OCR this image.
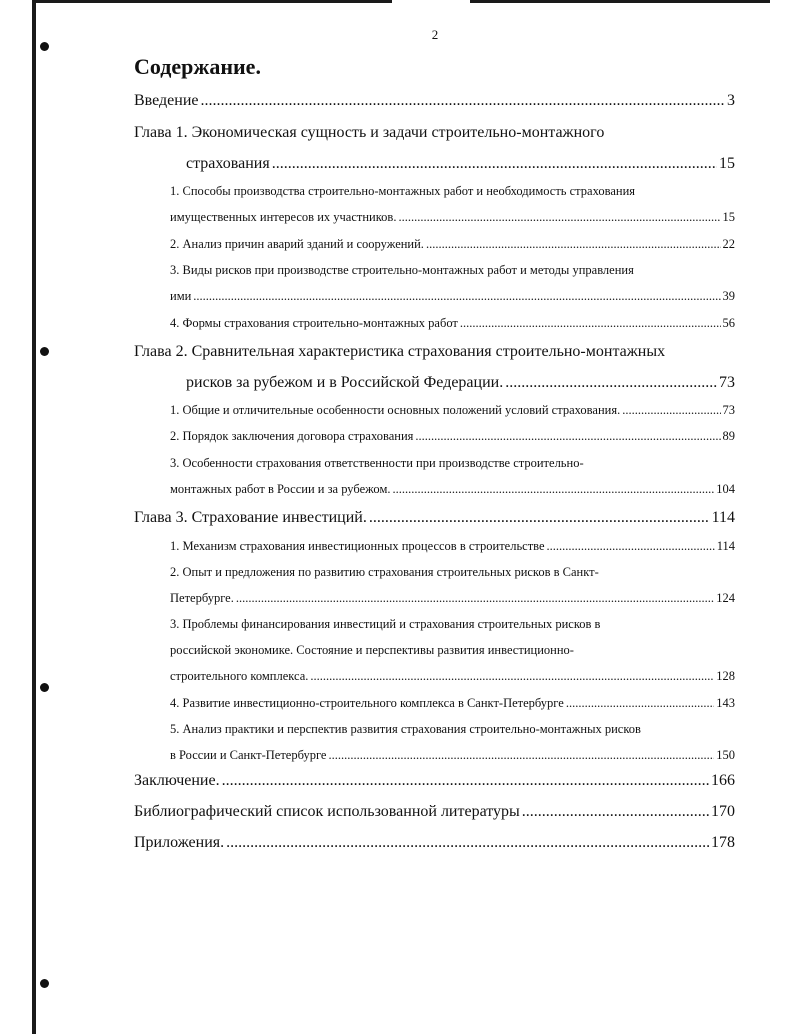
2
Содержание.
Введение .....	3
Глава 1. Экономическая сущность и задачи строительно-монтажного
страхования .....	15
1. Способы производства строительно-монтажных работ и необходимость страхования
имущественных интересов их участников. .....	15
2. Анализ причин аварий зданий и сооружений. .....	22
3. Виды рисков при производстве строительно-монтажных работ и методы управления
ими .....	39
4. Формы страхования строительно-монтажных работ .....	56
Глава 2. Сравнительная характеристика страхования строительно-монтажных
рисков за рубежом и в Российской Федерации. .....	73
1. Общие и отличительные особенности основных положений условий страхования. .....	73
2. Порядок заключения договора страхования .....	89
3. Особенности страхования ответственности при производстве строительно-
монтажных работ в России и за рубежом. .....	104
Глава 3. Страхование инвестиций. .....	114
1. Механизм страхования инвестиционных процессов в строительстве .....	114
2. Опыт и предложения по развитию страхования строительных рисков в Санкт-
Петербурге. .....	124
3. Проблемы финансирования инвестиций и страхования строительных рисков в
российской экономике. Состояние и перспективы развития инвестиционно-
строительного комплекса. .....	128
4. Развитие инвестиционно-строительного комплекса в Санкт-Петербурге .....	143
5. Анализ практики и перспектив развития страхования строительно-монтажных рисков
в России и Санкт-Петербурге .....	150
Заключение. .....	166
Библиографический список использованной литературы .....	170
Приложения. .....	178
